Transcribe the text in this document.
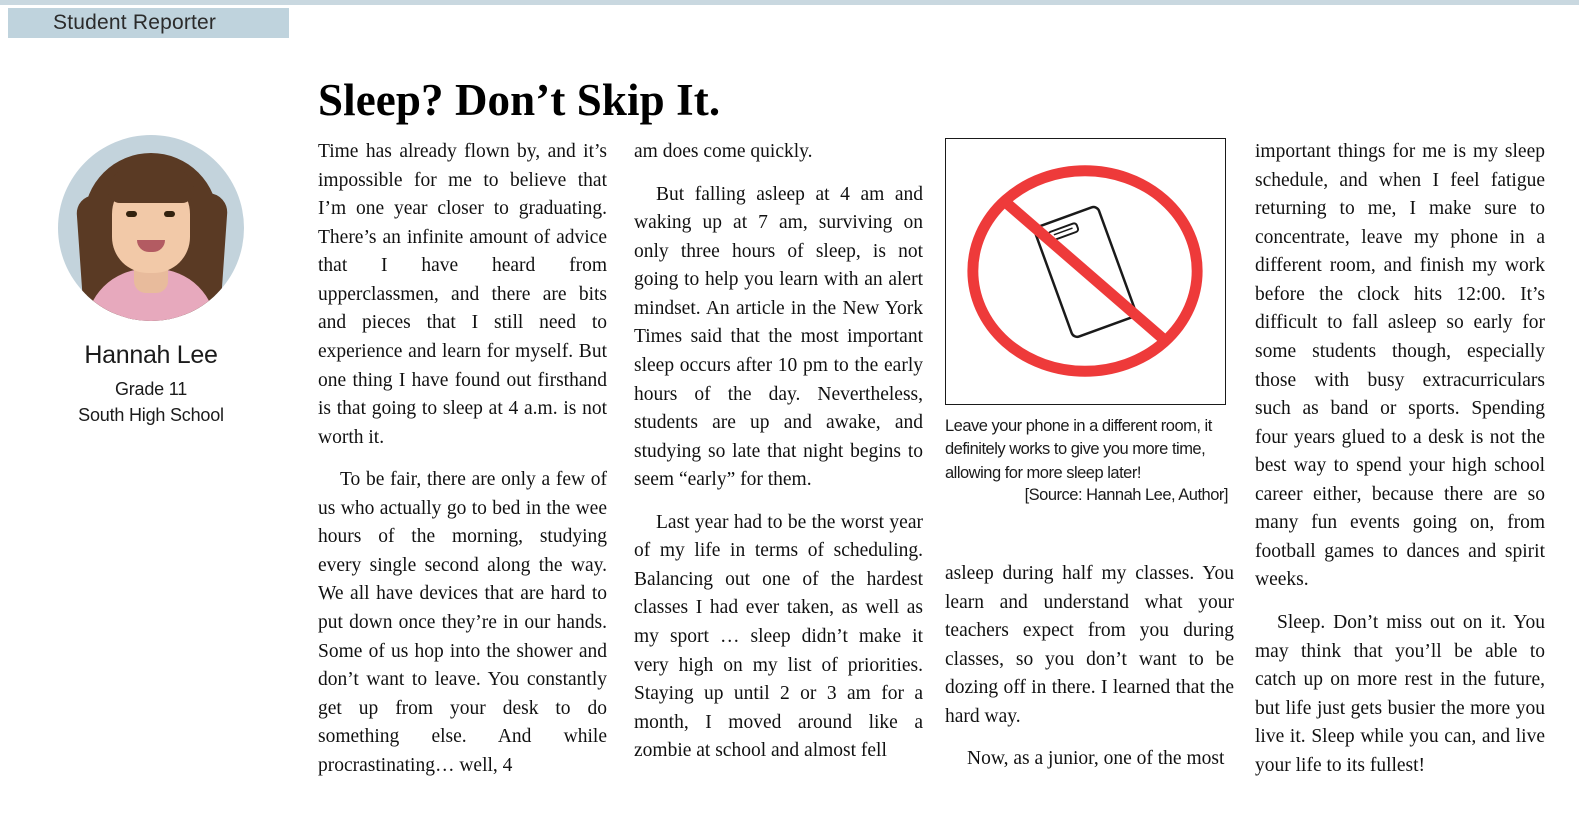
Student Reporter
Sleep? Don’t Skip It.
Hannah Lee
Grade 11
South High School

Time has already flown by, and it’s impossible for me to believe that I’m one year closer to graduating. There’s an infinite amount of advice that I have heard from upperclassmen, and there are bits and pieces that I still need to experience and learn for myself. But one thing I have found out firsthand is that going to sleep at 4 a.m. is not worth it.

To be fair, there are only a few of us who actually go to bed in the wee hours of the morning, studying every single second along the way. We all have devices that are hard to put down once they’re in our hands. Some of us hop into the shower and don’t want to leave. You constantly get up from your desk to do something else. And while procrastinating… well, 4

am does come quickly.

But falling asleep at 4 am and waking up at 7 am, surviving on only three hours of sleep, is not going to help you learn with an alert mindset. An article in the New York Times said that the most important sleep occurs after 10 pm to the early hours of the day. Nevertheless, students are up and awake, and studying so late that night begins to seem “early” for them.

Last year had to be the worst year of my life in terms of scheduling. Balancing out one of the hardest classes I had ever taken, as well as my sport … sleep didn’t make it very high on my list of priorities. Staying up until 2 or 3 am for a month, I moved around like a zombie at school and almost fell

Leave your phone in a different room, it definitely works to give you more time, allowing for more sleep later!
[Source: Hannah Lee, Author]

asleep during half my classes. You learn and understand what your teachers expect from you during classes, so you don’t want to be dozing off in there. I learned that the hard way.

Now, as a junior, one of the most

important things for me is my sleep schedule, and when I feel fatigue returning to me, I make sure to concentrate, leave my phone in a different room, and finish my work before the clock hits 12:00. It’s difficult to fall asleep so early for some students though, especially those with busy extracurriculars such as band or sports. Spending four years glued to a desk is not the best way to spend your high school career either, because there are so many fun events going on, from football games to dances and spirit weeks.

Sleep. Don’t miss out on it. You may think that you’ll be able to catch up on more rest in the future, but life just gets busier the more you live it. Sleep while you can, and live your life to its fullest!
